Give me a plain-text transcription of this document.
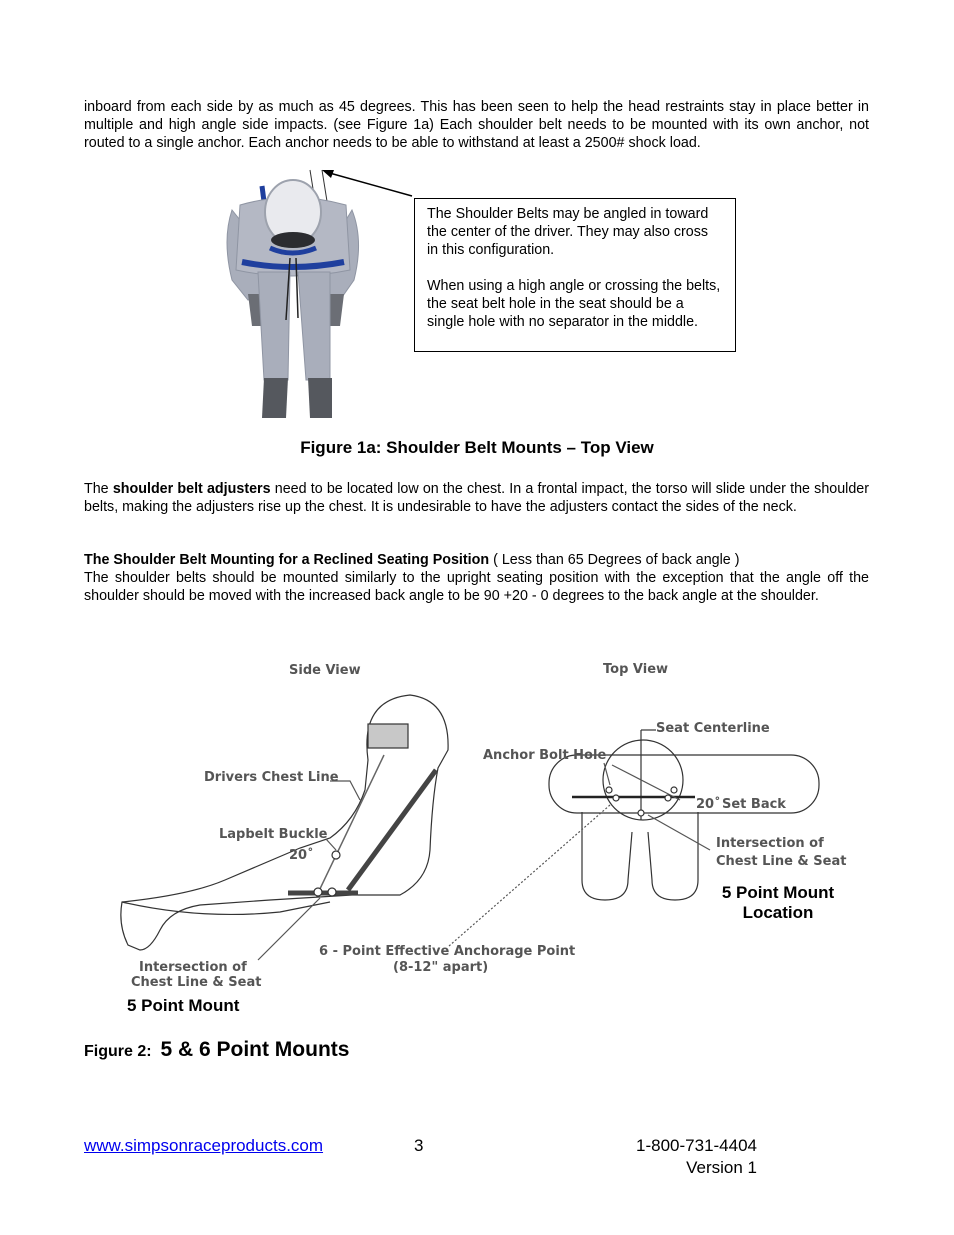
inboard from each side by as much as 45 degrees. This has been seen to help the head restraints stay in place better in multiple and high angle side impacts. (see Figure 1a) Each shoulder belt needs to be mounted with its own anchor, not routed to a single anchor. Each anchor needs to be able to withstand at least a 2500# shock load.

The Shoulder Belts may be angled in toward the center of the driver. They may also cross in this configuration.

When using a high angle or crossing the belts, the seat belt hole in the seat should be a single hole with no separator in the middle.

Figure 1a: Shoulder Belt Mounts – Top View

The shoulder belt adjusters need to be located low on the chest. In a frontal impact, the torso will slide under the shoulder belts, making the adjusters rise up the chest. It is undesirable to have the adjusters contact the sides of the neck.

The Shoulder Belt Mounting for a Reclined Seating Position ( Less than 65 Degrees of back angle )
The shoulder belts should be mounted similarly to the upright seating position with the exception that the angle off the shoulder should be moved with the increased back angle to be 90 +20 - 0 degrees to the back angle at the shoulder.

Side View	Top View
Drivers Chest Line
Lapbelt Buckle
20˚
Intersection of
Chest Line & Seat
5 Point Mount
6 - Point Effective Anchorage Point
(8-12" apart)
Seat Centerline
Anchor Bolt Hole
20˚ Set Back
Intersection of
Chest Line & Seat
5 Point Mount
Location
Figure 2: 5 & 6 Point Mounts
www.simpsonraceproducts.com	3	1-800-731-4404
Version 1
